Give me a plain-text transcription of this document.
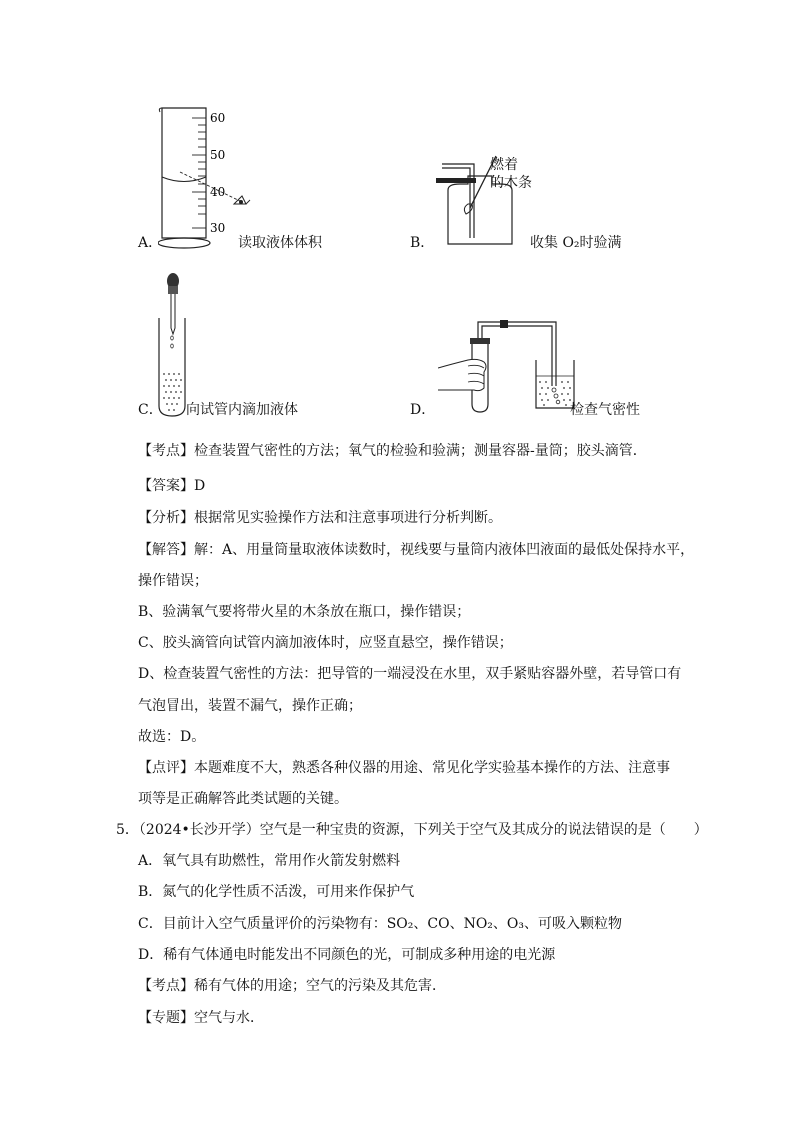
60
50
40
30
A．	读取液体体积
燃着
的木条
B．	收集 O₂时验满
C． 向试管内滴加液体	D．	检查气密性
【考点】检查装置气密性的方法；氧气的检验和验满；测量容器-量筒；胶头滴管．
【答案】D
【分析】根据常见实验操作方法和注意事项进行分析判断。
【解答】解：A、用量筒量取液体读数时，视线要与量筒内液体凹液面的最低处保持水平，
操作错误；
B、验满氧气要将带火星的木条放在瓶口，操作错误；
C、胶头滴管向试管内滴加液体时，应竖直悬空，操作错误；
D、检查装置气密性的方法：把导管的一端浸没在水里，双手紧贴容器外壁，若导管口有
气泡冒出，装置不漏气，操作正确；
故选：D。
【点评】本题难度不大，熟悉各种仪器的用途、常见化学实验基本操作的方法、注意事
项等是正确解答此类试题的关键。
5．（2024•长沙开学）空气是一种宝贵的资源，下列关于空气及其成分的说法错误的是（　　）
A．氧气具有助燃性，常用作火箭发射燃料
B．氮气的化学性质不活泼，可用来作保护气
C．目前计入空气质量评价的污染物有：SO₂、CO、NO₂、O₃、可吸入颗粒物
D．稀有气体通电时能发出不同颜色的光，可制成多种用途的电光源
【考点】稀有气体的用途；空气的污染及其危害．
【专题】空气与水．
